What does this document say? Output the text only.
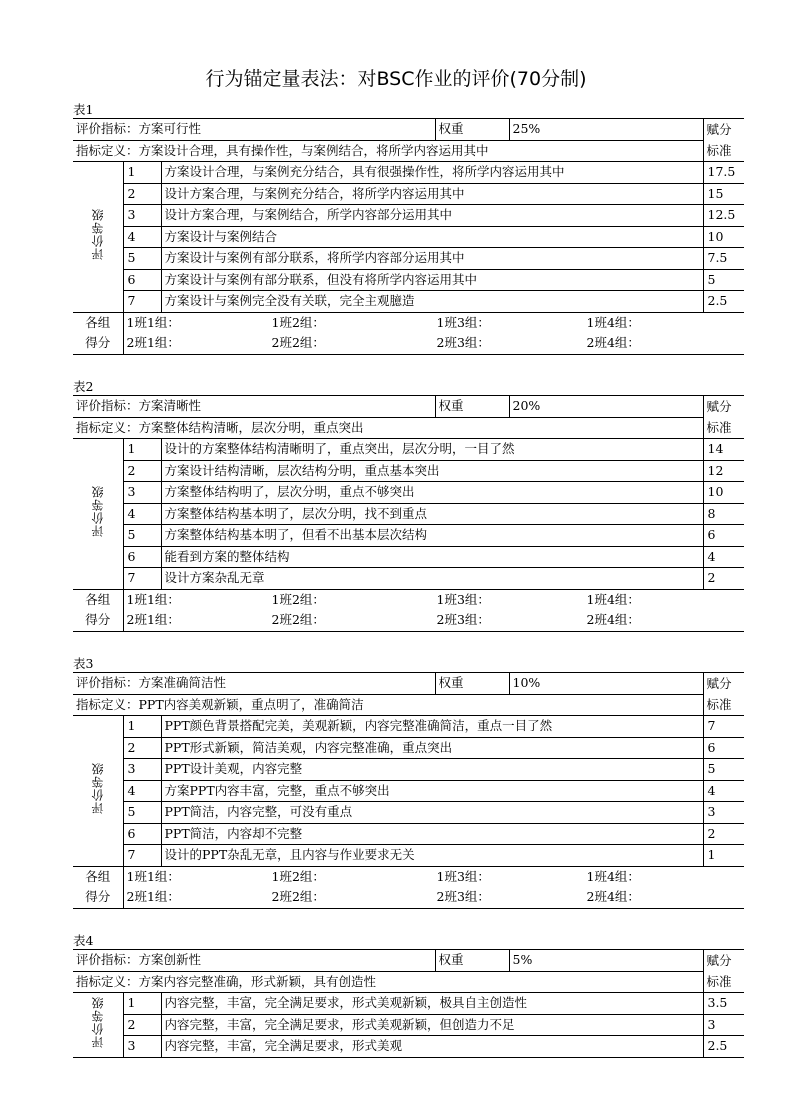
行为锚定量表法：对BSC作业的评价(70分制)
表1
评价指标：方案可行性			权重	25%	赋分
指标定义：方案设计合理，具有操作性，与案例结合，将所学内容运用其中					标准
评价等级	1	方案设计合理，与案例充分结合，具有很强操作性，将所学内容运用其中			17.5
	2	设计方案合理，与案例充分结合，将所学内容运用其中			15
	3	设计方案合理，与案例结合，所学内容部分运用其中			12.5
	4	方案设计与案例结合			10
	5	方案设计与案例有部分联系，将所学内容部分运用其中			7.5
	6	方案设计与案例有部分联系，但没有将所学内容运用其中			5
	7	方案设计与案例完全没有关联，完全主观臆造			2.5
各组	1班1组： 1班2组： 1班3组： 1班4组：				

得分	2班1组： 2班2组： 2班3组： 2班4组：				
表2
评价指标：方案清晰性			权重	20%	赋分
指标定义：方案整体结构清晰，层次分明，重点突出					标准
评价等级	1	设计的方案整体结构清晰明了，重点突出，层次分明，一目了然			14
	2	方案设计结构清晰，层次结构分明，重点基本突出			12
	3	方案整体结构明了，层次分明，重点不够突出			10
	4	方案整体结构基本明了，层次分明，找不到重点			8
	5	方案整体结构基本明了，但看不出基本层次结构			6
	6	能看到方案的整体结构			4
	7	设计方案杂乱无章			2
各组	1班1组： 1班2组： 1班3组： 1班4组：				

得分	2班1组： 2班2组： 2班3组： 2班4组：				
表3
评价指标：方案准确简洁性			权重	10%	赋分
指标定义：PPT内容美观新颖，重点明了，准确简洁					标准
评价等级	1	PPT颜色背景搭配完美，美观新颖，内容完整准确简洁，重点一目了然			7
	2	PPT形式新颖，简洁美观，内容完整准确，重点突出			6
	3	PPT设计美观，内容完整			5
	4	方案PPT内容丰富，完整，重点不够突出			4
	5	PPT简洁，内容完整，可没有重点			3
	6	PPT简洁，内容却不完整			2
	7	设计的PPT杂乱无章，且内容与作业要求无关			1
各组	1班1组： 1班2组： 1班3组： 1班4组：				

得分	2班1组： 2班2组： 2班3组： 2班4组：				
表4
评价指标：方案创新性			权重	5%	赋分
指标定义：方案内容完整准确，形式新颖，具有创造性					标准
评价等级	1	内容完整，丰富，完全满足要求，形式美观新颖，极具自主创造性			3.5
	2	内容完整，丰富，完全满足要求，形式美观新颖，但创造力不足			3
	3	内容完整，丰富，完全满足要求，形式美观			2.5
